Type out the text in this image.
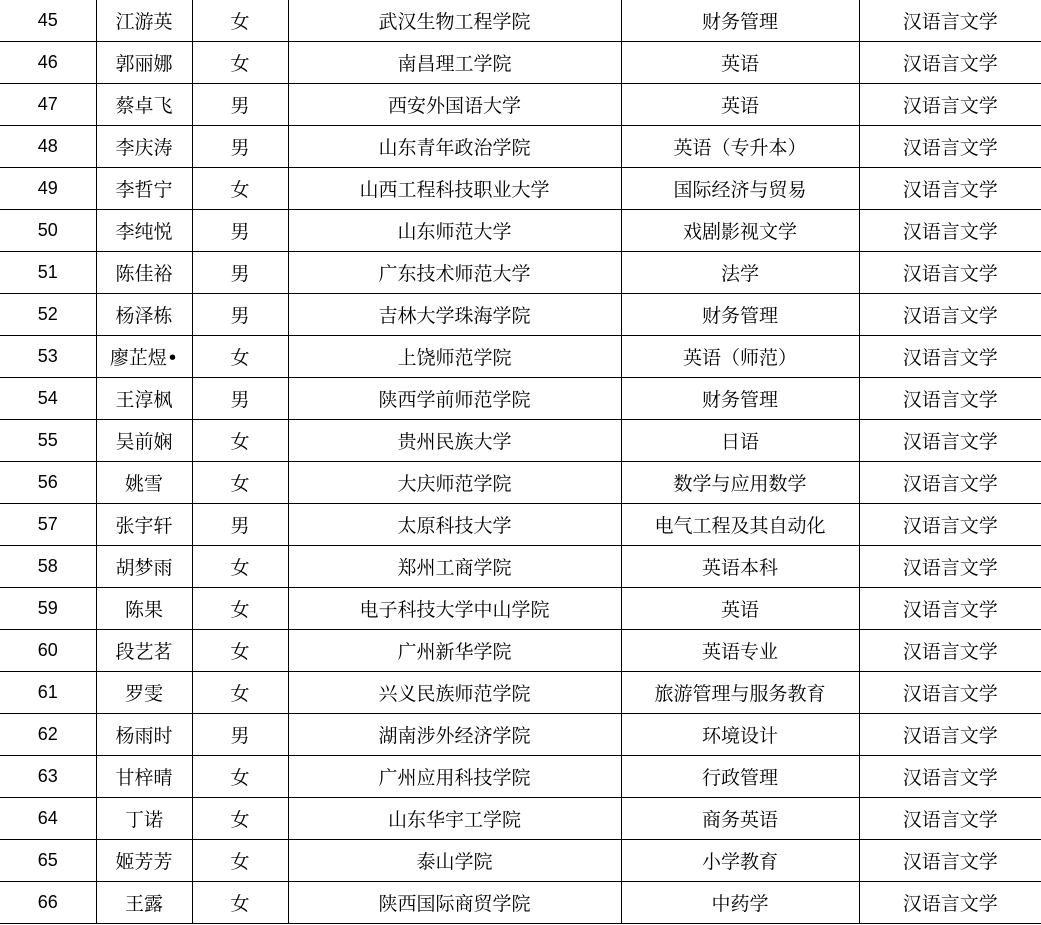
45	江游英	女	武汉生物工程学院	财务管理	汉语言文学
46	郭丽娜	女	南昌理工学院	英语	汉语言文学
47	蔡卓飞	男	西安外国语大学	英语	汉语言文学
48	李庆涛	男	山东青年政治学院	英语（专升本）	汉语言文学
49	李哲宁	女	山西工程科技职业大学	国际经济与贸易	汉语言文学
50	李纯悦	男	山东师范大学	戏剧影视文学	汉语言文学
51	陈佳裕	男	广东技术师范大学	法学	汉语言文学
52	杨泽栋	男	吉林大学珠海学院	财务管理	汉语言文学
53	廖芷煜•	女	上饶师范学院	英语（师范）	汉语言文学
54	王淳枫	男	陕西学前师范学院	财务管理	汉语言文学
55	吴前娴	女	贵州民族大学	日语	汉语言文学
56	姚雪	女	大庆师范学院	数学与应用数学	汉语言文学
57	张宇轩	男	太原科技大学	电气工程及其自动化	汉语言文学
58	胡梦雨	女	郑州工商学院	英语本科	汉语言文学
59	陈果	女	电子科技大学中山学院	英语	汉语言文学
60	段艺茗	女	广州新华学院	英语专业	汉语言文学
61	罗雯	女	兴义民族师范学院	旅游管理与服务教育	汉语言文学
62	杨雨时	男	湖南涉外经济学院	环境设计	汉语言文学
63	甘梓晴	女	广州应用科技学院	行政管理	汉语言文学
64	丁诺	女	山东华宇工学院	商务英语	汉语言文学
65	姬芳芳	女	泰山学院	小学教育	汉语言文学
66	王露	女	陕西国际商贸学院	中药学	汉语言文学
